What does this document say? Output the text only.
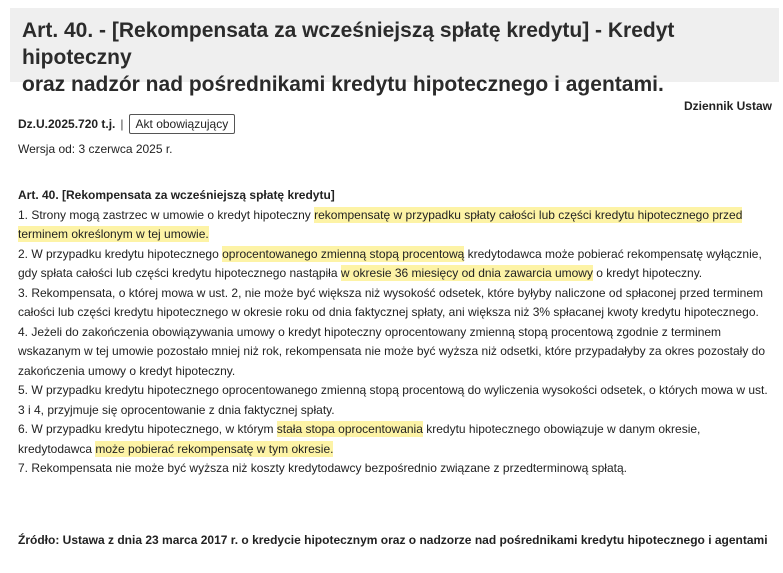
Art. 40. - [Rekompensata za wcześniejszą spłatę kredytu] - Kredyt hipoteczny
oraz nadzór nad pośrednikami kredytu hipotecznego i agentami.
Dziennik Ustaw
Dz.U.2025.720 t.j. |	Akt obowiązujący
Wersja od: 3 czerwca 2025 r.

Art. 40. [Rekompensata za wcześniejszą spłatę kredytu]

1. Strony mogą zastrzec w umowie o kredyt hipoteczny rekompensatę w przypadku spłaty całości lub części kredytu hipotecznego przed terminem określonym w tej umowie.

2. W przypadku kredytu hipotecznego oprocentowanego zmienną stopą procentową kredytodawca może pobierać rekompensatę wyłącznie, gdy spłata całości lub części kredytu hipotecznego nastąpiła w okresie 36 miesięcy od dnia zawarcia umowy o kredyt hipoteczny.

3. Rekompensata, o której mowa w ust. 2, nie może być większa niż wysokość odsetek, które byłyby naliczone od spłaconej przed terminem całości lub części kredytu hipotecznego w okresie roku od dnia faktycznej spłaty, ani większa niż 3% spłacanej kwoty kredytu hipotecznego.

4. Jeżeli do zakończenia obowiązywania umowy o kredyt hipoteczny oprocentowany zmienną stopą procentową zgodnie z terminem wskazanym w tej umowie pozostało mniej niż rok, rekompensata nie może być wyższa niż odsetki, które przypadałyby za okres pozostały do zakończenia umowy o kredyt hipoteczny.

5. W przypadku kredytu hipotecznego oprocentowanego zmienną stopą procentową do wyliczenia wysokości odsetek, o których mowa w ust. 3 i 4, przyjmuje się oprocentowanie z dnia faktycznej spłaty.

6. W przypadku kredytu hipotecznego, w którym stała stopa oprocentowania kredytu hipotecznego obowiązuje w danym okresie, kredytodawca może pobierać rekompensatę w tym okresie.

7. Rekompensata nie może być wyższa niż koszty kredytodawcy bezpośrednio związane z przedterminową spłatą.

Źródło: Ustawa z dnia 23 marca 2017 r. o kredycie hipotecznym oraz o nadzorze nad pośrednikami kredytu hipotecznego i agentami
